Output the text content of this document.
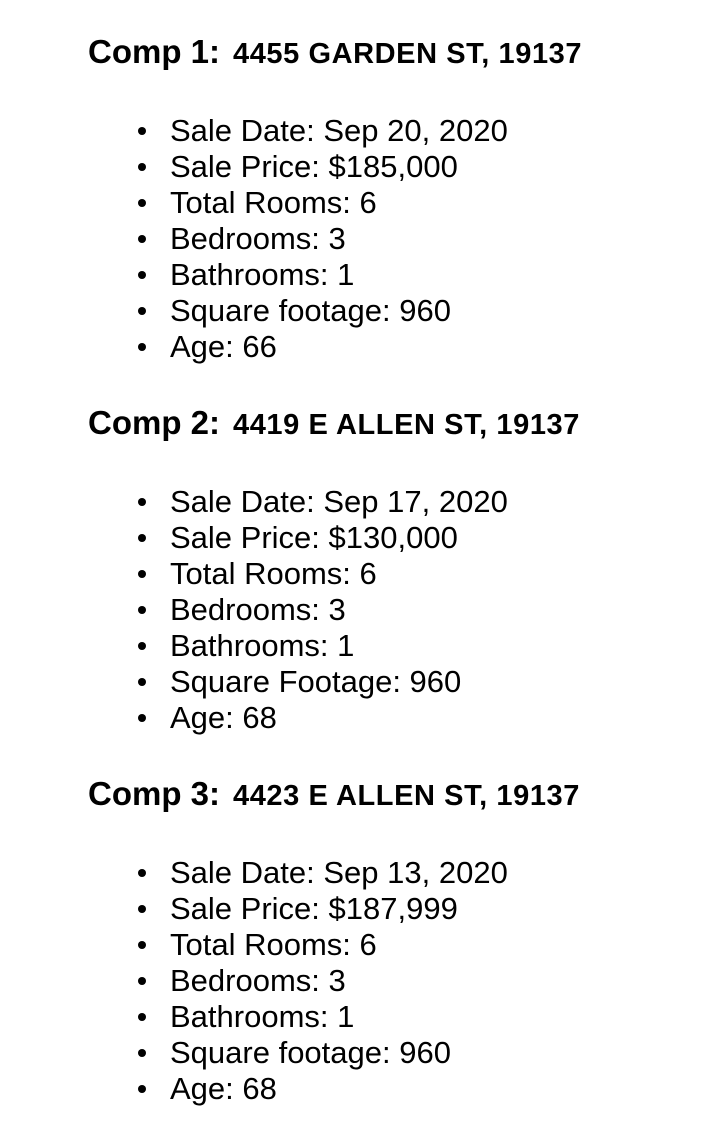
Comp 1: 4455 GARDEN ST, 19137
Sale Date: Sep 20, 2020
Sale Price: $185,000
Total Rooms: 6
Bedrooms: 3
Bathrooms: 1
Square footage: 960
Age: 66
Comp 2: 4419 E ALLEN ST, 19137
Sale Date: Sep 17, 2020
Sale Price: $130,000
Total Rooms: 6
Bedrooms: 3
Bathrooms: 1
Square Footage: 960
Age: 68
Comp 3: 4423 E ALLEN ST, 19137
Sale Date: Sep 13, 2020
Sale Price: $187,999
Total Rooms: 6
Bedrooms: 3
Bathrooms: 1
Square footage: 960
Age: 68
